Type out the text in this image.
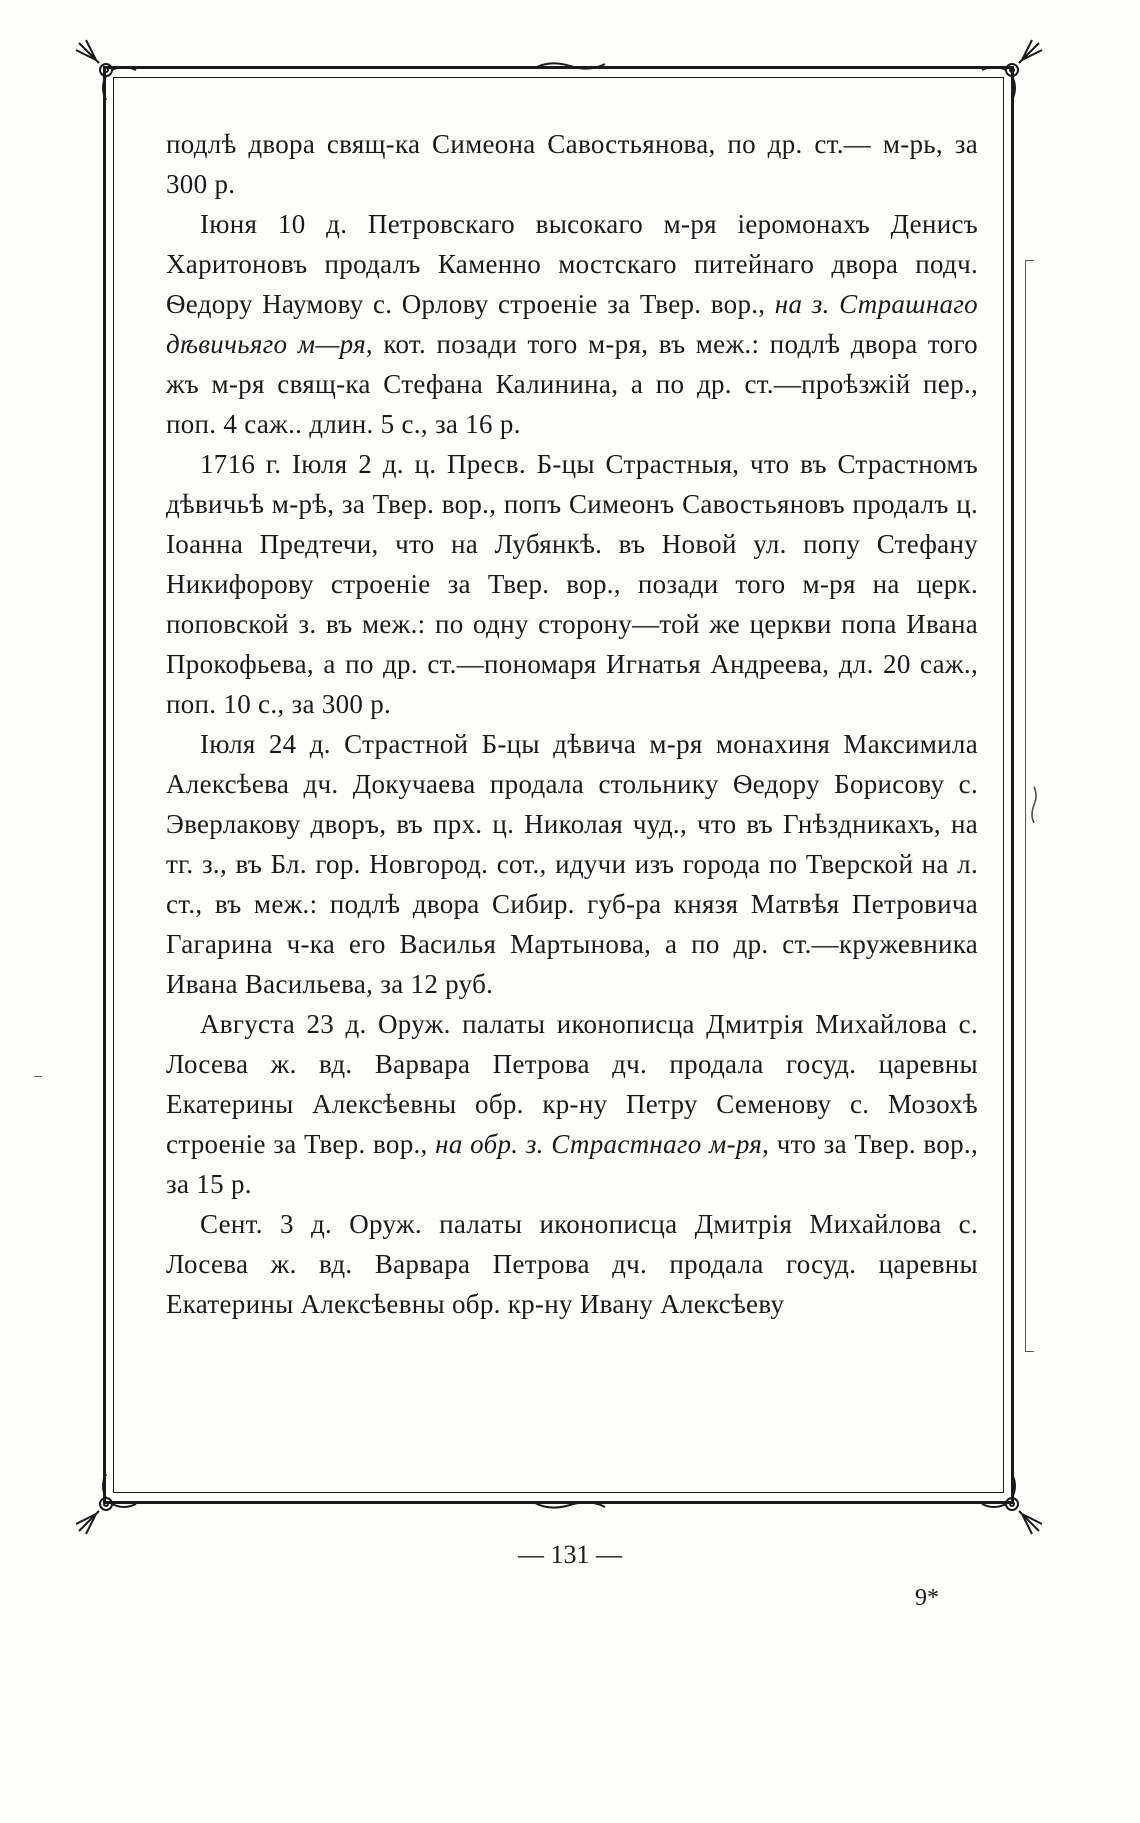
подлѣ двора свящ-ка Симеона Савостьянова, по др. ст.— м-рь, за 300 р.

Іюня 10 д. Петровскаго высокаго м-ря іеромонахъ Денисъ Харитоновъ продалъ Каменно мостскаго питейнаго двора подч. Ѳедору Наумову с. Орлову строеніе за Твер. вор., на з. Страшнаго дѣвичьяго м—ря, кот. позади того м-ря, въ меж.: подлѣ двора того жъ м-ря свящ-ка Стефана Калинина, а по др. ст.—проѣзжій пер., поп. 4 саж.. длин. 5 с., за 16 р.

1716 г. Іюля 2 д. ц. Пресв. Б-цы Страстныя, что въ Страстномъ дѣвичьѣ м-рѣ, за Твер. вор., попъ Симеонъ Савостьяновъ продалъ ц. Іоанна Предтечи, что на Лубянкѣ. въ Новой ул. попу Стефану Никифорову строеніе за Твер. вор., позади того м-ря на церк. поповской з. въ меж.: по одну сторону—той же церкви попа Ивана Прокофьева, а по др. ст.—пономаря Игнатья Андреева, дл. 20 саж., поп. 10 с., за 300 р.

Іюля 24 д. Страстной Б-цы дѣвича м-ря монахиня Максимила Алексѣева дч. Докучаева продала стольнику Ѳедору Борисову с. Эверлакову дворъ, въ прх. ц. Николая чуд., что въ Гнѣздникахъ, на тг. з., въ Бл. гор. Новгород. сот., идучи изъ города по Тверской на л. ст., въ меж.: подлѣ двора Сибир. губ-ра князя Матвѣя Петровича Гагарина ч-ка его Василья Мартынова, а по др. ст.—кружевника Ивана Васильева, за 12 руб.

Августа 23 д. Оруж. палаты иконописца Дмитрія Михайлова с. Лосева ж. вд. Варвара Петрова дч. продала госуд. царевны Екатерины Алексѣевны обр. кр-ну Петру Семенову с. Мозохѣ строеніе за Твер. вор., на обр. з. Страстнаго м-ря, что за Твер. вор., за 15 р.

Сент. 3 д. Оруж. палаты иконописца Дмитрія Михайлова с. Лосева ж. вд. Варвара Петрова дч. продала госуд. царевны Екатерины Алексѣевны обр. кр-ну Ивану Алексѣеву

— 131 —
9*
